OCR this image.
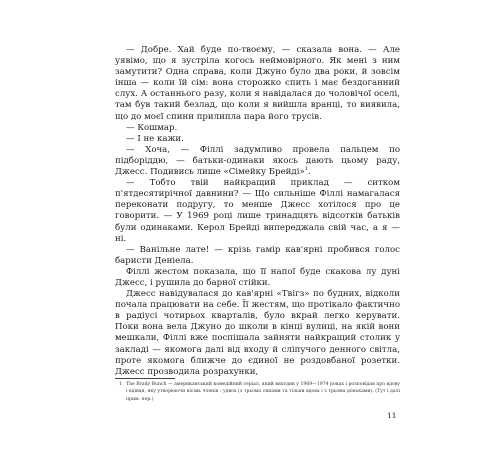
— Добре. Хай буде по-твоєму, — сказала вона. — Але уявімо, що я зустріла когось неймовірного. Як мені з ним замутити? Одна справа, коли Джуно було два роки, й зовсім інша — коли їй сім: вона сторожко спить і має бездоганний слух. А останнього разу, коли я навідалася до чоловічої оселі, там був такий безлад, що коли я вийшла вранці, то виявила, що до моєї спини прилипла пара його трусів.

— Кошмар.

— І не кажи.

— Хоча, — Філлі задумливо провела пальцем по підборіддю, — батьки-одинаки якось дають цьому раду, Джесс. Подивись лише «Сімейку Брейді»$^1$.

— Тобто твій найкращий приклад — ситком п'ятдесятирічної давнини? — Що сильніше Філлі намагалася переконати подругу, то менше Джесс хотілося про це говорити. — У 1969 році лише тринадцять відсотків батьків були одинаками. Керол Брейді випереджала свій час, а я — ні.

— Ванільне лате! — крізь гамір кав'ярні пробився голос баристи Деніела.

Філлі жестом показала, що її напої буде скакова лу дуні Джесс, і рушила до барної стійки.

Джесс навідувалася до кав'ярні «Твігз» по будних, відколи почала працювати на себе. Її жестям, що протікало фактично в радіусі чотирьох кварталів, було вкрай легко керувати. Поки вона вела Джуно до школи в кінці вулиці, на якій вони мешкали, Філлі вже поспішала зайняти найкращий столик у закладі — якомога далі від входу й сліпучого денного світла, проте якомога ближче до єдиної не роздовбаної розетки. Джесс прозводила розрахунки,

1 The Brady Bunch — американський комедійний серіал, який виходив у 1969—1974 роках і розповідав про вдову і вдівця, яку утворюючи вісімь членів : удвох (з трьома синами та тільки вдова і з трьома доньками). (Тут і далі прим. пер.)
11
